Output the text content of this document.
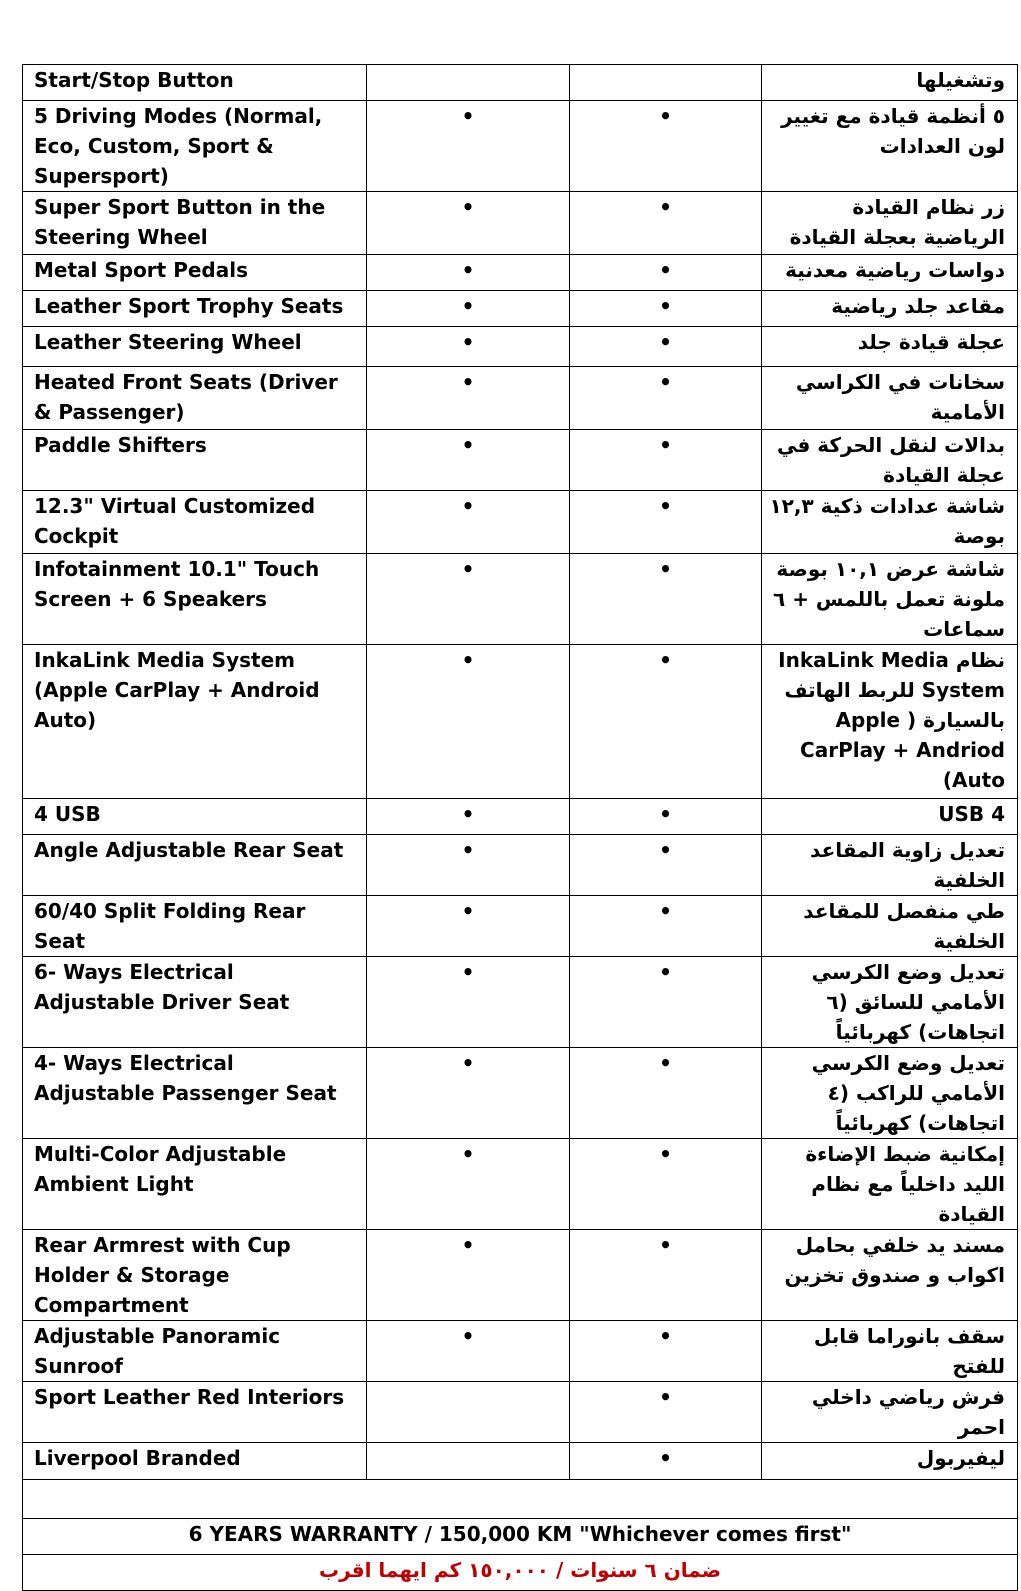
Start/Stop Button			وتشغيلها
5 Driving Modes (Normal, Eco, Custom, Sport & Supersport)	•	•	٥ أنظمة قيادة مع تغيير لون العدادات
Super Sport Button in the Steering Wheel	•	•	زر نظام القيادة الرياضية بعجلة القيادة
Metal Sport Pedals	•	•	دواسات رياضية معدنية
Leather Sport Trophy Seats	•	•	مقاعد جلد رياضية
Leather Steering Wheel	•	•	عجلة قيادة جلد
Heated Front Seats (Driver & Passenger)	•	•	سخانات في الكراسي الأمامية
Paddle Shifters	•	•	بدالات لنقل الحركة في عجلة القيادة
12.3" Virtual Customized Cockpit	•	•	شاشة عدادات ذكية ١٢,٣ بوصة
Infotainment 10.1" Touch Screen + 6 Speakers	•	•	شاشة عرض ١٠,١ بوصة ملونة تعمل باللمس + ٦ سماعات
InkaLink Media System (Apple CarPlay + Android Auto)	•	•	نظام InkaLink Media System للربط الهاتف بالسيارة ( Apple CarPlay + Andriod Auto)
4 USB	•	•	USB 4
Angle Adjustable Rear Seat	•	•	تعديل زاوية المقاعد الخلفية
60/40 Split Folding Rear Seat	•	•	طي منفصل للمقاعد الخلفية
6- Ways Electrical Adjustable Driver Seat	•	•	تعديل وضع الكرسي الأمامي للسائق (٦ اتجاهات) كهربائياً
4- Ways Electrical Adjustable Passenger Seat	•	•	تعديل وضع الكرسي الأمامي للراكب (٤ اتجاهات) كهربائياً
Multi-Color Adjustable Ambient Light	•	•	إمكانية ضبط الإضاءة الليد داخلياً مع نظام القيادة
Rear Armrest with Cup Holder & Storage Compartment	•	•	مسند يد خلفي بحامل اكواب و صندوق تخزين
Adjustable Panoramic Sunroof	•	•	سقف بانوراما قابل للفتح
Sport Leather Red Interiors		•	فرش رياضي داخلي احمر
Liverpool Branded		•	ليفيربول

6 YEARS WARRANTY / 150,000 KM "Whichever comes first"			
ضمان ٦ سنوات / ١٥٠,٠٠٠ كم ايهما اقرب			
